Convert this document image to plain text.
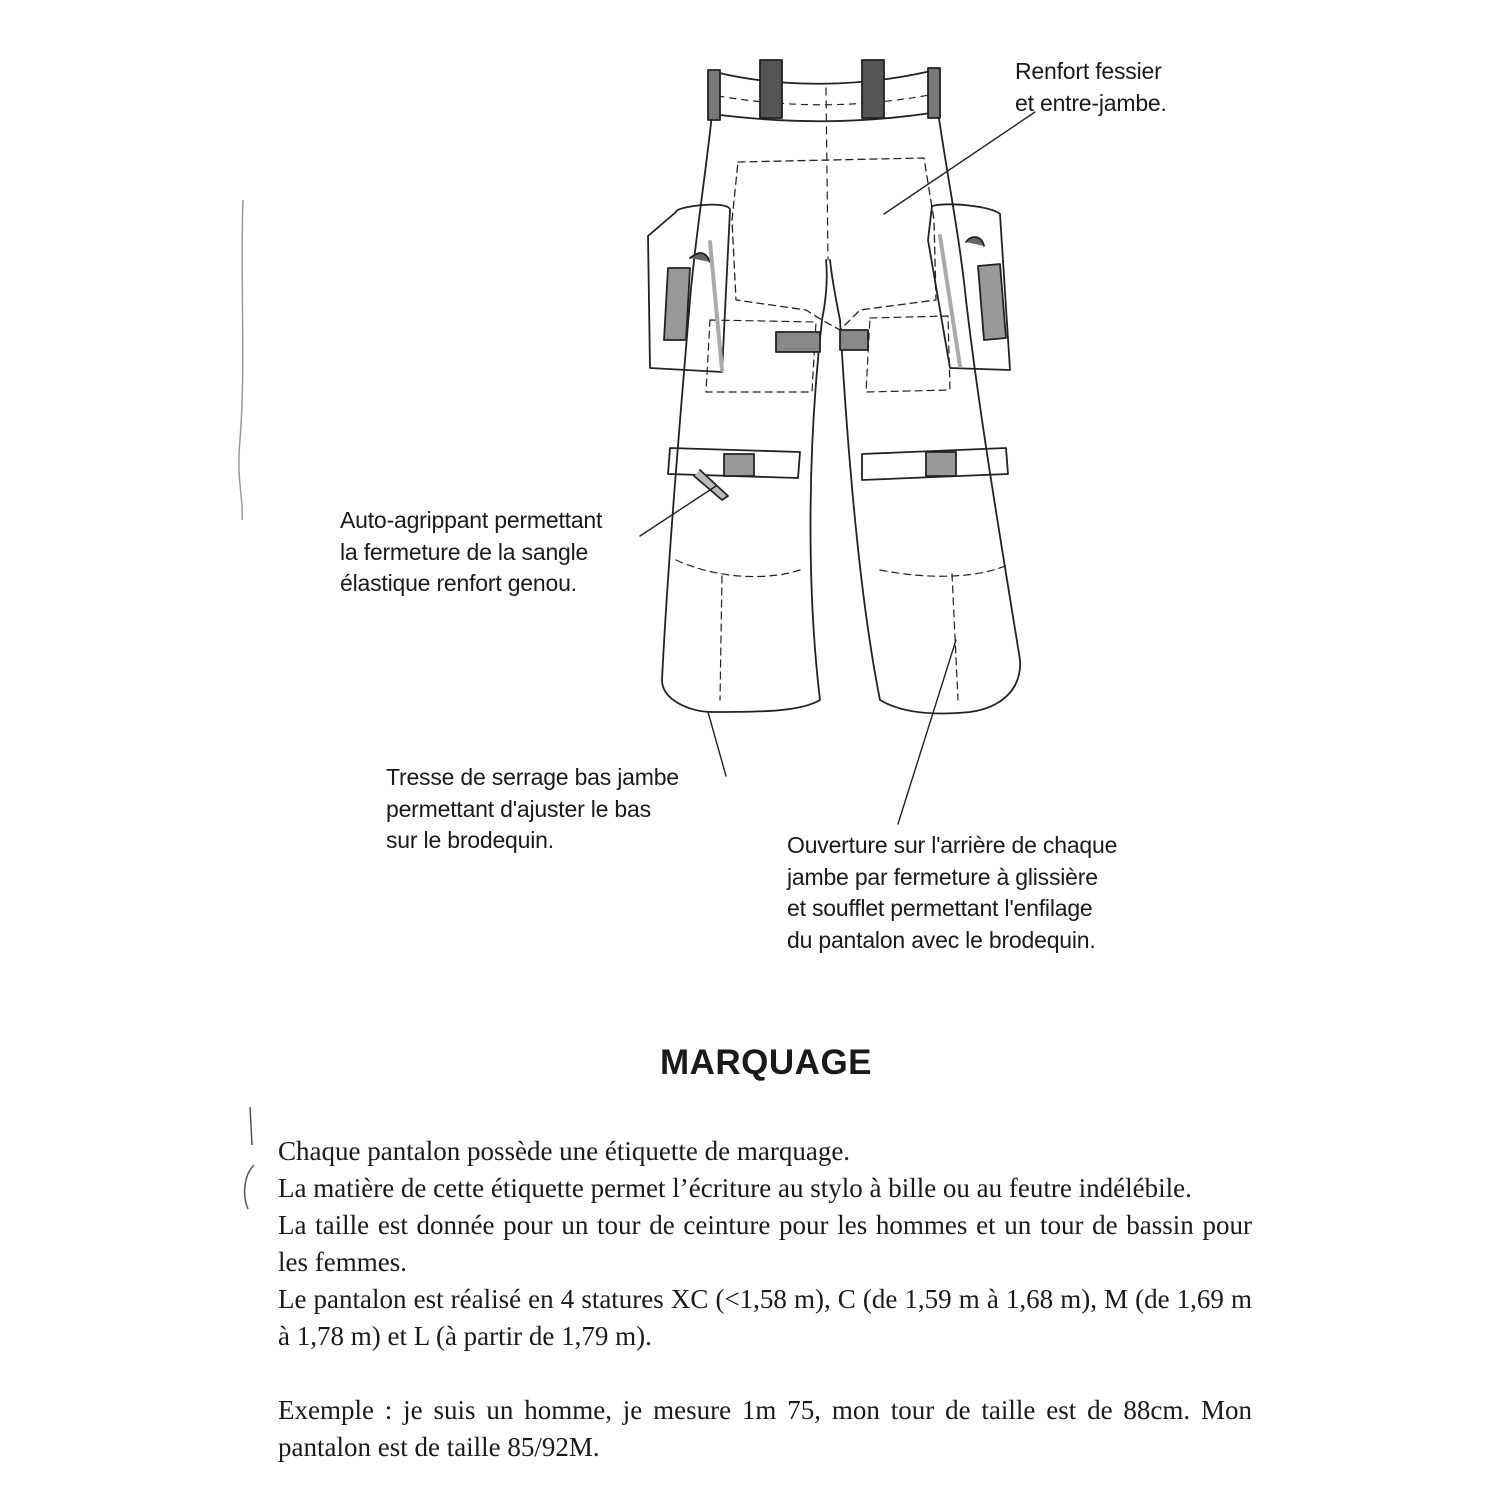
Renfort fessier
et entre-jambe.
Auto-agrippant permettant
la fermeture de la sangle
élastique renfort genou.
Tresse de serrage bas jambe
permettant d'ajuster le bas
sur le brodequin.	Ouverture sur l'arrière de chaque
jambe par fermeture à glissière
et soufflet permettant l'enfilage
du pantalon avec le brodequin.
MARQUAGE

Chaque pantalon possède une étiquette de marquage.

La matière de cette étiquette permet l’écriture au stylo à bille ou au feutre indélébile.

La taille est donnée pour un tour de ceinture pour les hommes et un tour de bassin pour les femmes.

Le pantalon est réalisé en 4 statures XC (<1,58 m), C (de 1,59 m à 1,68 m), M (de 1,69 m à 1,78 m) et L (à partir de 1,79 m).

Exemple : je suis un homme, je mesure 1m 75, mon tour de taille est de 88cm. Mon pantalon est de taille 85/92M.
